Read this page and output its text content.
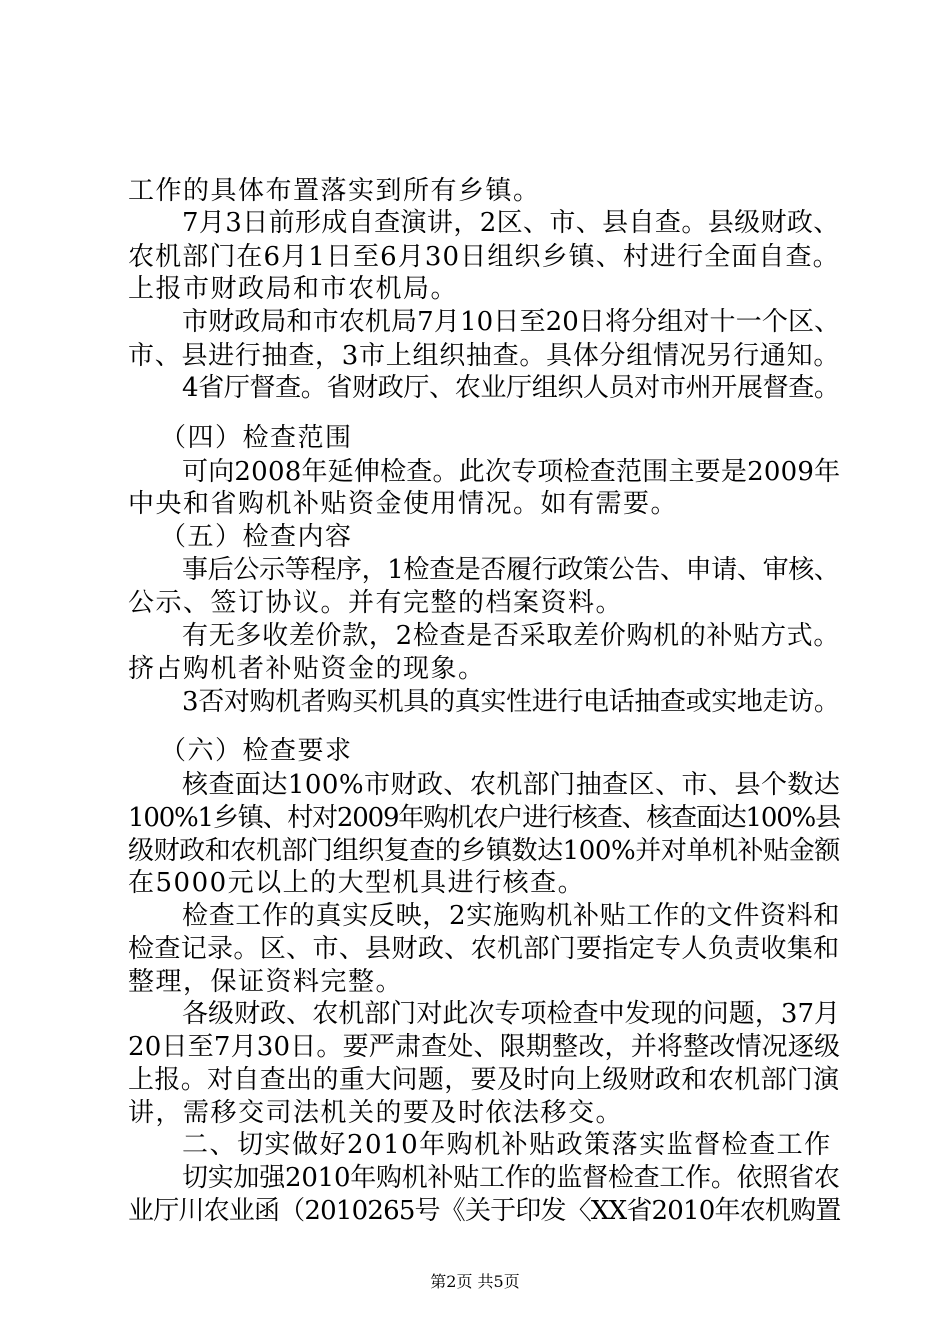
工作的具体布置落实到所有乡镇。
7月3日前形成自查演讲，2区、市、县自查。县级财政、
农机部门在6月1日至6月30日组织乡镇、村进行全面自查。
上报市财政局和市农机局。
市财政局和市农机局7月10日至20日将分组对十一个区、
市、县进行抽查，3市上组织抽查。具体分组情况另行通知。
4省厅督查。省财政厅、农业厅组织人员对市州开展督查。
（四）检查范围
可向2008年延伸检查。此次专项检查范围主要是2009年
中央和省购机补贴资金使用情况。如有需要。
（五）检查内容
事后公示等程序，1检查是否履行政策公告、申请、审核、
公示、签订协议。并有完整的档案资料。
有无多收差价款，2检查是否采取差价购机的补贴方式。
挤占购机者补贴资金的现象。
3否对购机者购买机具的真实性进行电话抽查或实地走访。
（六）检查要求
核查面达100%市财政、农机部门抽查区、市、县个数达
100%1乡镇、村对2009年购机农户进行核查、核查面达100%县
级财政和农机部门组织复查的乡镇数达100%并对单机补贴金额
在5000元以上的大型机具进行核查。
检查工作的真实反映，2实施购机补贴工作的文件资料和
检查记录。区、市、县财政、农机部门要指定专人负责收集和
整理，保证资料完整。
各级财政、农机部门对此次专项检查中发现的问题，37月
20日至7月30日。要严肃查处、限期整改，并将整改情况逐级
上报。对自查出的重大问题，要及时向上级财政和农机部门演
讲，需移交司法机关的要及时依法移交。
二、切实做好2010年购机补贴政策落实监督检查工作
切实加强2010年购机补贴工作的监督检查工作。依照省农
业厅川农业函（2010265号《关于印发〈XX省2010年农机购置
第2页 共5页
